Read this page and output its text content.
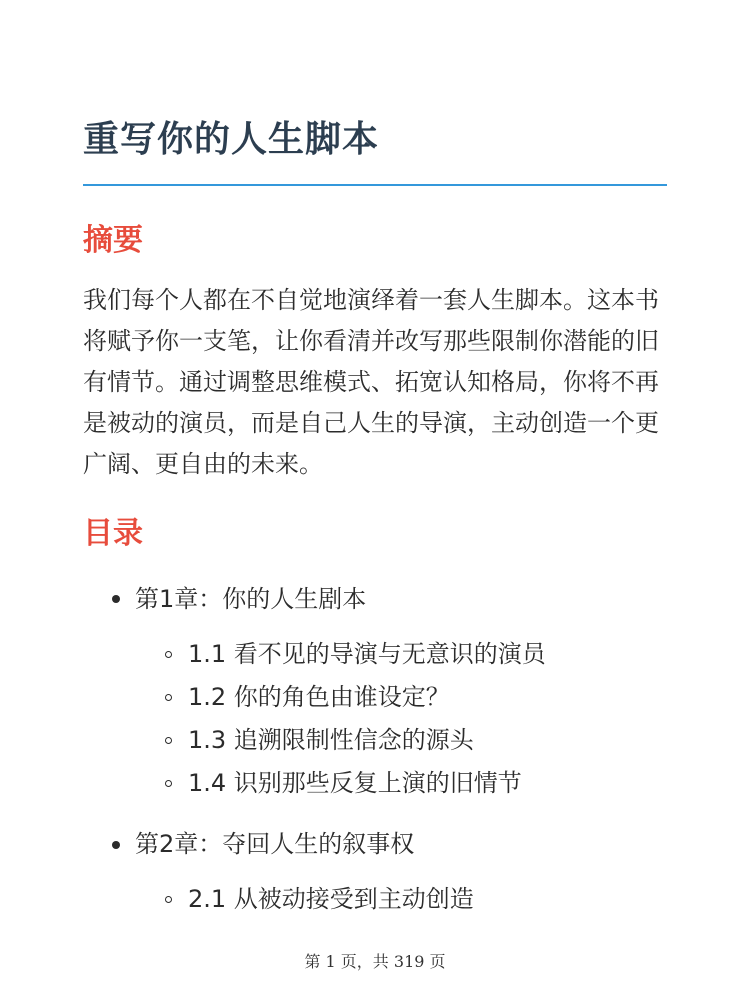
重写你的人生脚本
摘要

我们每个人都在不自觉地演绎着一套人生脚本。这本书将赋予你一支笔，让你看清并改写那些限制你潜能的旧有情节。通过调整思维模式、拓宽认知格局，你将不再是被动的演员，而是自己人生的导演，主动创造一个更广阔、更自由的未来。

目录
第1章：你的人生剧本
1.1 看不见的导演与无意识的演员
1.2 你的角色由谁设定？
1.3 追溯限制性信念的源头
1.4 识别那些反复上演的旧情节
第2章：夺回人生的叙事权
2.1 从被动接受到主动创造
第 1 页，共 319 页
